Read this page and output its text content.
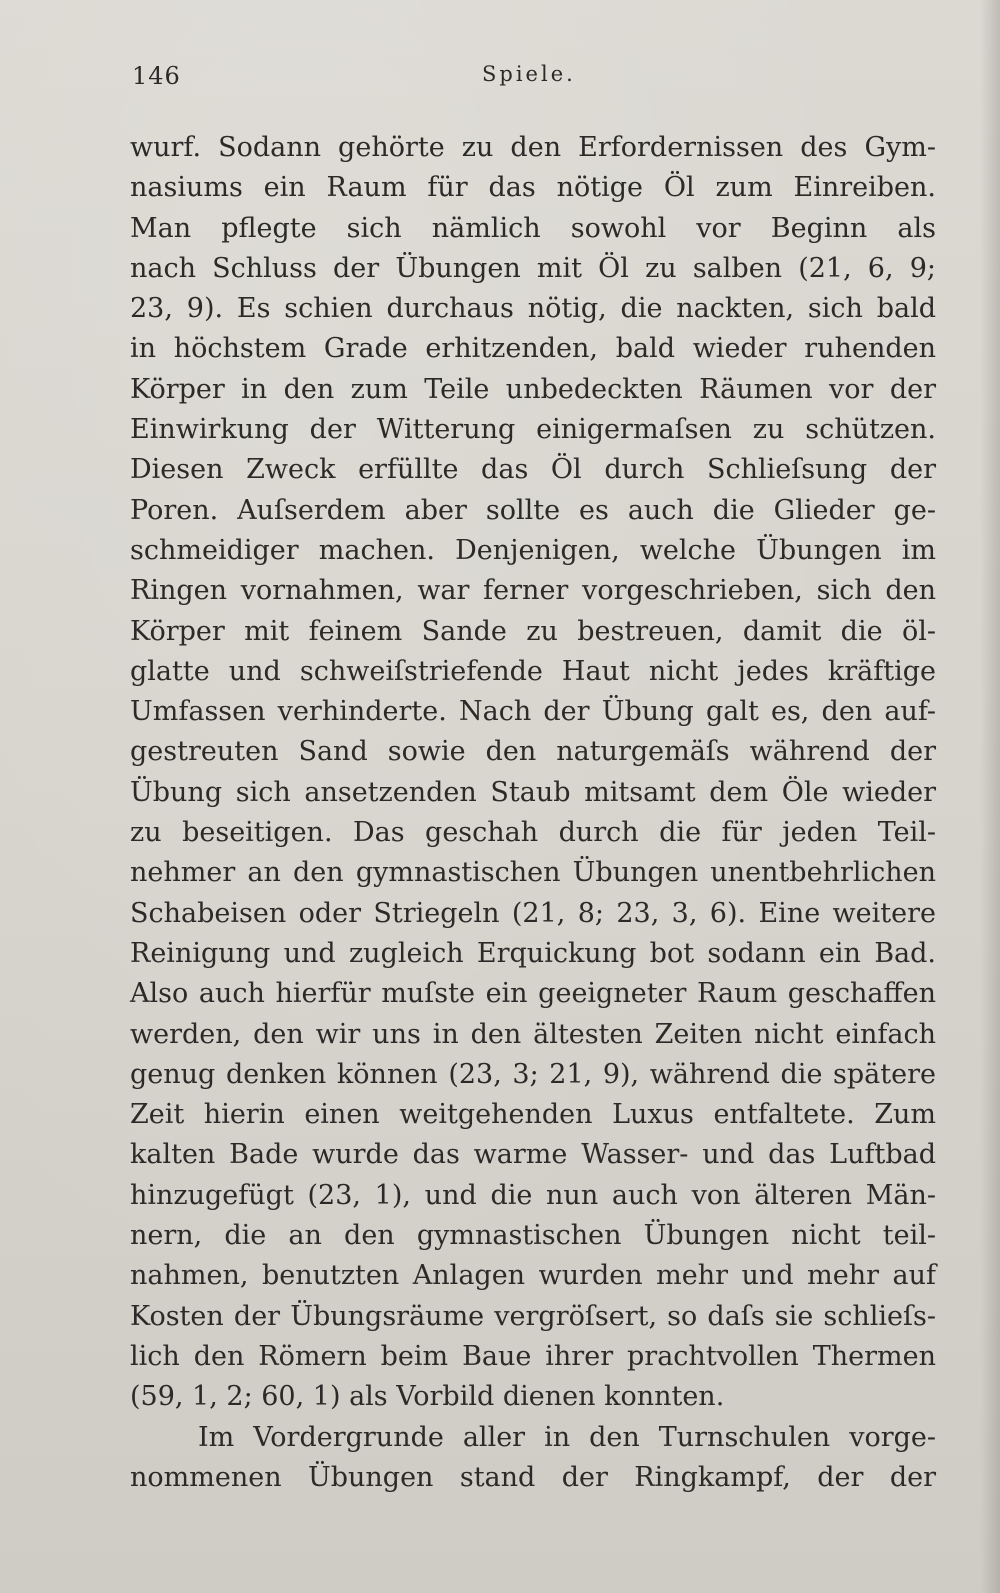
146	Spiele.
wurf. Sodann gehörte zu den Erfordernissen des Gym-
nasiums ein Raum für das nötige Öl zum Einreiben.
Man pflegte sich nämlich sowohl vor Beginn als
nach Schluss der Übungen mit Öl zu salben (21, 6, 9;
23, 9). Es schien durchaus nötig, die nackten, sich bald
in höchstem Grade erhitzenden, bald wieder ruhenden
Körper in den zum Teile unbedeckten Räumen vor der
Einwirkung der Witterung einigermaſsen zu schützen.
Diesen Zweck erfüllte das Öl durch Schlieſsung der
Poren. Auſserdem aber sollte es auch die Glieder ge-
schmeidiger machen. Denjenigen, welche Übungen im
Ringen vornahmen, war ferner vorgeschrieben, sich den
Körper mit feinem Sande zu bestreuen, damit die öl-
glatte und schweiſstriefende Haut nicht jedes kräftige
Umfassen verhinderte. Nach der Übung galt es, den auf-
gestreuten Sand sowie den naturgemäſs während der
Übung sich ansetzenden Staub mitsamt dem Öle wieder
zu beseitigen. Das geschah durch die für jeden Teil-
nehmer an den gymnastischen Übungen unentbehrlichen
Schabeisen oder Striegeln (21, 8; 23, 3, 6). Eine weitere
Reinigung und zugleich Erquickung bot sodann ein Bad.
Also auch hierfür muſste ein geeigneter Raum geschaffen
werden, den wir uns in den ältesten Zeiten nicht einfach
genug denken können (23, 3; 21, 9), während die spätere
Zeit hierin einen weitgehenden Luxus entfaltete. Zum
kalten Bade wurde das warme Wasser- und das Luftbad
hinzugefügt (23, 1), und die nun auch von älteren Män-
nern, die an den gymnastischen Übungen nicht teil-
nahmen, benutzten Anlagen wurden mehr und mehr auf
Kosten der Übungsräume vergröſsert, so daſs sie schlieſs-
lich den Römern beim Baue ihrer prachtvollen Thermen
(59, 1, 2; 60, 1) als Vorbild dienen konnten.
Im Vordergrunde aller in den Turnschulen vorge-
nommenen Übungen stand der Ringkampf, der der
